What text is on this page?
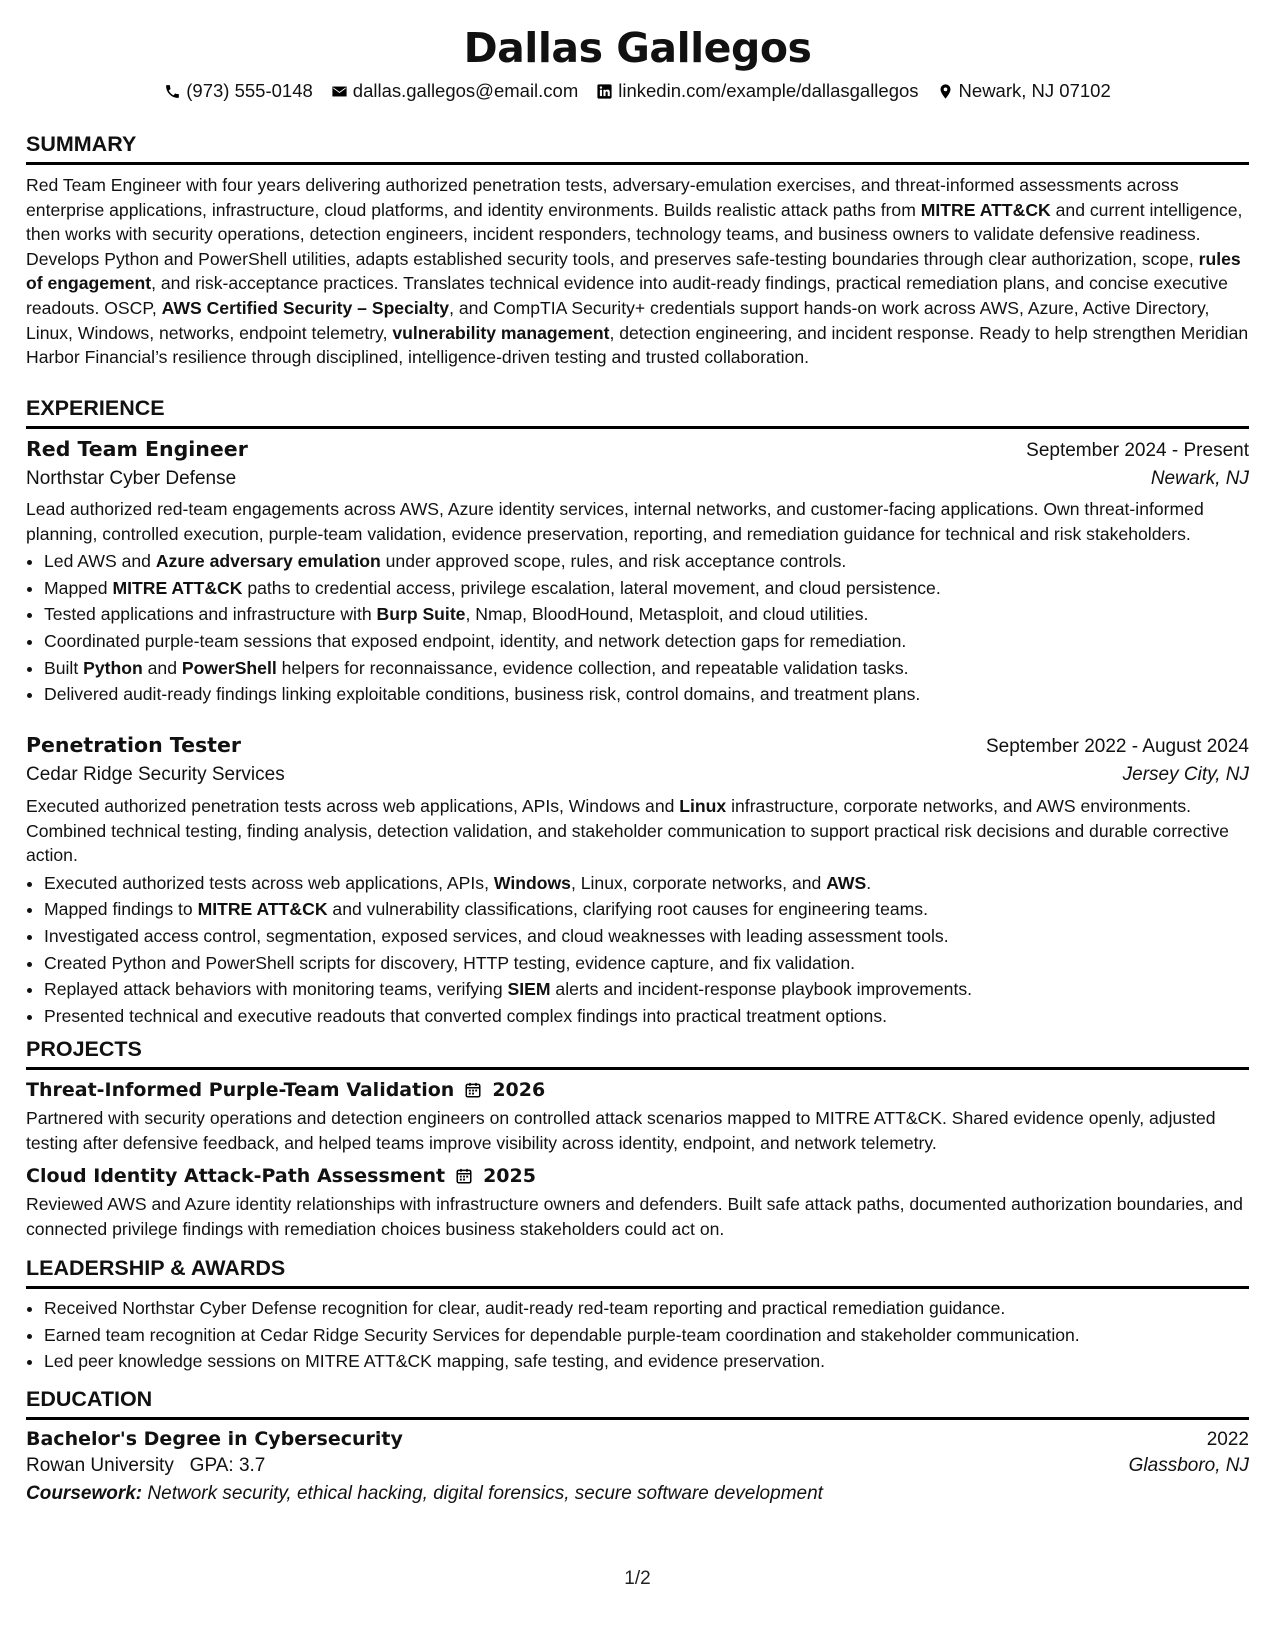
Dallas Gallegos
(973) 555-0148 dallas.gallegos@email.com linkedin.com/example/dallasgallegos Newark, NJ 07102
SUMMARY

Red Team Engineer with four years delivering authorized penetration tests, adversary-emulation exercises, and threat-informed assessments across enterprise applications, infrastructure, cloud platforms, and identity environments. Builds realistic attack paths from MITRE ATT&CK and current intelligence, then works with security operations, detection engineers, incident responders, technology teams, and business owners to validate defensive readiness. Develops Python and PowerShell utilities, adapts established security tools, and preserves safe-testing boundaries through clear authorization, scope, rules of engagement, and risk-acceptance practices. Translates technical evidence into audit-ready findings, practical remediation plans, and concise executive readouts. OSCP, AWS Certified Security – Specialty, and CompTIA Security+ credentials support hands-on work across AWS, Azure, Active Directory, Linux, Windows, networks, endpoint telemetry, vulnerability management, detection engineering, and incident response. Ready to help strengthen Meridian Harbor Financial’s resilience through disciplined, intelligence-driven testing and trusted collaboration.

EXPERIENCE
Red Team Engineer	September 2024 - Present
Northstar Cyber Defense	Newark, NJ

Lead authorized red-team engagements across AWS, Azure identity services, internal networks, and customer-facing applications. Own threat-informed planning, controlled execution, purple-team validation, evidence preservation, reporting, and remediation guidance for technical and risk stakeholders.

• Led AWS and Azure adversary emulation under approved scope, rules, and risk acceptance controls.
• Mapped MITRE ATT&CK paths to credential access, privilege escalation, lateral movement, and cloud persistence.
• Tested applications and infrastructure with Burp Suite, Nmap, BloodHound, Metasploit, and cloud utilities.
• Coordinated purple-team sessions that exposed endpoint, identity, and network detection gaps for remediation.
• Built Python and PowerShell helpers for reconnaissance, evidence collection, and repeatable validation tasks.
• Delivered audit-ready findings linking exploitable conditions, business risk, control domains, and treatment plans.
Penetration Tester	September 2022 - August 2024
Cedar Ridge Security Services	Jersey City, NJ

Executed authorized penetration tests across web applications, APIs, Windows and Linux infrastructure, corporate networks, and AWS environments. Combined technical testing, finding analysis, detection validation, and stakeholder communication to support practical risk decisions and durable corrective action.

• Executed authorized tests across web applications, APIs, Windows, Linux, corporate networks, and AWS.
• Mapped findings to MITRE ATT&CK and vulnerability classifications, clarifying root causes for engineering teams.
• Investigated access control, segmentation, exposed services, and cloud weaknesses with leading assessment tools.
• Created Python and PowerShell scripts for discovery, HTTP testing, evidence capture, and fix validation.
• Replayed attack behaviors with monitoring teams, verifying SIEM alerts and incident-response playbook improvements.
• Presented technical and executive readouts that converted complex findings into practical treatment options.
PROJECTS
Threat-Informed Purple-Team Validation 2026
Partnered with security operations and detection engineers on controlled attack scenarios mapped to MITRE ATT&CK. Shared evidence openly, adjusted testing after defensive feedback, and helped teams improve visibility across identity, endpoint, and network telemetry.
Cloud Identity Attack-Path Assessment 2025
Reviewed AWS and Azure identity relationships with infrastructure owners and defenders. Built safe attack paths, documented authorization boundaries, and connected privilege findings with remediation choices business stakeholders could act on.
LEADERSHIP & AWARDS
• Received Northstar Cyber Defense recognition for clear, audit-ready red-team reporting and practical remediation guidance.
• Earned team recognition at Cedar Ridge Security Services for dependable purple-team coordination and stakeholder communication.
• Led peer knowledge sessions on MITRE ATT&CK mapping, safe testing, and evidence preservation.
EDUCATION
Bachelor's Degree in Cybersecurity	2022
Rowan University GPA: 3.7	Glassboro, NJ
Coursework: Network security, ethical hacking, digital forensics, secure software development
1/2
